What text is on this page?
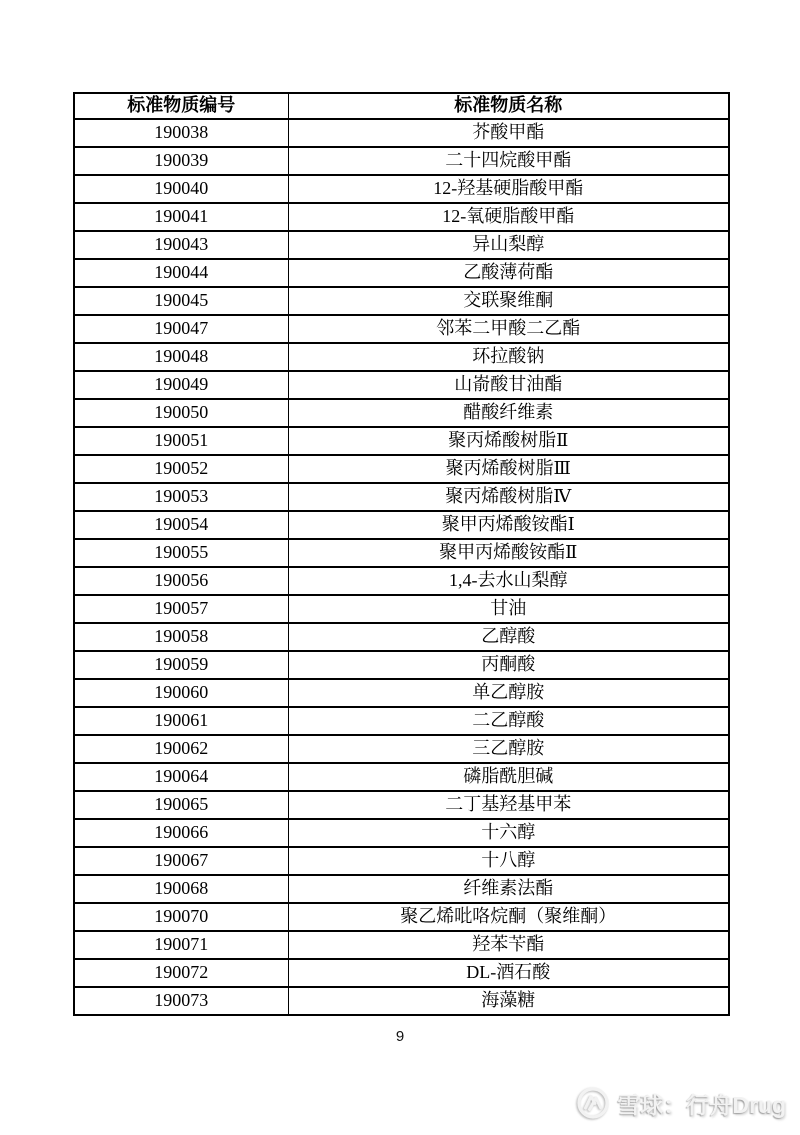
标准物质编号	标准物质名称
190038	芥酸甲酯
190039	二十四烷酸甲酯
190040	12-羟基硬脂酸甲酯
190041	12-氧硬脂酸甲酯
190043	异山梨醇
190044	乙酸薄荷酯
190045	交联聚维酮
190047	邻苯二甲酸二乙酯
190048	环拉酸钠
190049	山嵛酸甘油酯
190050	醋酸纤维素
190051	聚丙烯酸树脂Ⅱ
190052	聚丙烯酸树脂Ⅲ
190053	聚丙烯酸树脂Ⅳ
190054	聚甲丙烯酸铵酯Ⅰ
190055	聚甲丙烯酸铵酯Ⅱ
190056	1,4-去水山梨醇
190057	甘油
190058	乙醇酸
190059	丙酮酸
190060	单乙醇胺
190061	二乙醇酸
190062	三乙醇胺
190064	磷脂酰胆碱
190065	二丁基羟基甲苯
190066	十六醇
190067	十八醇
190068	纤维素法酯
190070	聚乙烯吡咯烷酮（聚维酮）
190071	羟苯苄酯
190072	DL-酒石酸
190073	海藻糖
9
雪球：行舟Drug
